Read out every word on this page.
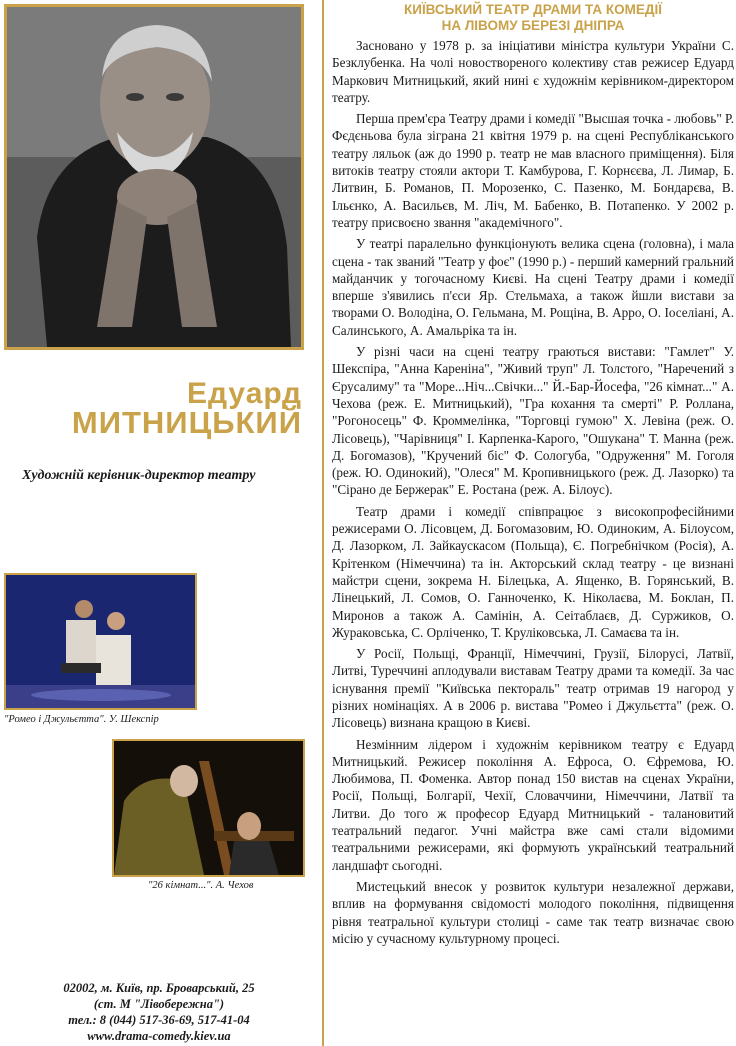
Едуард
МИТНИЦЬКИЙ
Художній керівник-директор театру
"Ромео і Джульєтта". У. Шекспір
"26 кімнат...". А. Чехов
02002, м. Київ, пр. Броварський, 25
(ст. М "Лівобережна")
тел.: 8 (044) 517-36-69, 517-41-04
www.drama-comedy.kiev.ua
КИЇВСЬКИЙ ТЕАТР ДРАМИ ТА КОМЕДІЇ
НА ЛІВОМУ БЕРЕЗІ ДНІПРА

Засновано у 1978 р. за ініціативи міністра культури України С. Безклубенка. На чолі новоствореного колективу став режисер Едуард Маркович Митницький, який нині є художнім керівником-директором театру.

Перша прем'єра Театру драми і комедії "Высшая точка - любовь" Р. Фєдєньова була зіграна 21 квітня 1979 р. на сцені Республіканського театру ляльок (аж до 1990 р. театр не мав власного приміщення). Біля витоків театру стояли актори Т. Камбурова, Г. Корнєєва, Л. Лимар, Б. Литвин, Б. Романов, П. Морозенко, С. Пазенко, М. Бондарєва, В. Ільєнко, А. Васильєв, М. Ліч, М. Бабенко, В. Потапенко. У 2002 р. театру присвоєно звання "академічного".

У театрі паралельно функціонують велика сцена (головна), і мала сцена - так званий "Театр у фоє" (1990 р.) - перший камерний гральний майданчик у тогочасному Києві. На сцені Театру драми і комедії вперше з'явились п'єси Яр. Стельмаха, а також йшли вистави за творами О. Володіна, О. Гельмана, М. Рощіна, В. Арро, О. Іоселіані, А. Салинського, А. Амальріка та ін.

У різні часи на сцені театру граються вистави: "Гамлет" У. Шекспіра, "Анна Кареніна", "Живий труп" Л. Толстого, "Наречений з Єрусалиму" та "Море...Ніч...Свічки..." Й.-Бар-Йосефа, "26 кімнат..." А. Чехова (реж. Е. Митницький), "Гра кохання та смерті" Р. Роллана, "Рогоносець" Ф. Кроммелінка, "Торговці гумою" Х. Левіна (реж. О. Лісовець), "Чарівниця" І. Карпенка-Карого, "Ошукана" Т. Манна (реж. Д. Богомазов), "Кручений біс" Ф. Сологуба, "Одруження" М. Гоголя (реж. Ю. Одинокий), "Олеся" М. Кропивницького (реж. Д. Лазорко) та "Сірано де Бержерак" Е. Ростана (реж. А. Білоус).

Театр драми і комедії співпрацює з високопрофесійними режисерами О. Лісовцем, Д. Богомазовим, Ю. Одиноким, А. Білоусом, Д. Лазорком, Л. Зайкаускасом (Польща), Є. Погребнічком (Росія), А. Крітенком (Німеччина) та ін. Акторський склад театру - це визнані майстри сцени, зокрема Н. Білецька, А. Ященко, В. Горянський, В. Лінецький, Л. Сомов, О. Ганноченко, К. Ніколаєва, М. Боклан, П. Миронов а також А. Самінін, А. Сеітаблаєв, Д. Суржиков, О. Жураковська, С. Орліченко, Т. Круліковська, Л. Самаєва та ін.

У Росії, Польщі, Франції, Німеччині, Грузії, Білорусі, Латвії, Литві, Туреччині аплодували виставам Театру драми та комедії. За час існування премії "Київська пектораль" театр отримав 19 нагород у різних номінаціях. А в 2006 р. вистава "Ромео і Джульєтта" (реж. О. Лісовець) визнана кращою в Києві.

Незмінним лідером і художнім керівником театру є Едуард Митницький. Режисер покоління А. Ефроса, О. Єфремова, Ю. Любимова, П. Фоменка. Автор понад 150 вистав на сценах України, Росії, Польщі, Болгарії, Чехії, Словаччини, Німеччини, Латвії та Литви. До того ж професор Едуард Митницький - талановитий театральний педагог. Учні майстра вже самі стали відомими театральними режисерами, які формують український театральний ландшафт сьогодні.

Мистецький внесок у розвиток культури незалежної держави, вплив на формування свідомості молодого покоління, підвищення рівня театральної культури столиці - саме так театр визначає свою місію у сучасному культурному процесі.
